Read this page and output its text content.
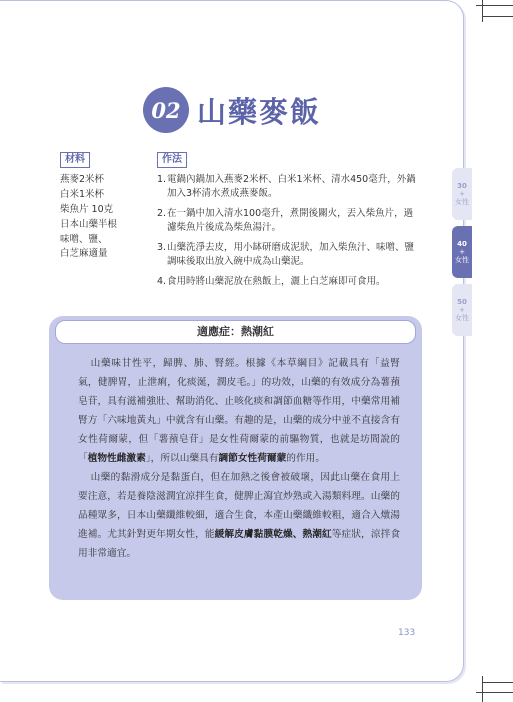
02 山藥麥飯
材料	作法
燕麥2米杯
白米1米杯
柴魚片 10克
日本山藥半根
味噌、鹽、
白芝麻適量
1. 電鍋內鍋加入燕麥2米杯、白米1米杯、清水450毫升，外鍋加入3杯清水煮成燕麥飯。
2. 在一鍋中加入清水100毫升，煮開後關火，丟入柴魚片，過濾柴魚片後成為柴魚湯汁。
3. 山藥洗淨去皮，用小缽研磨成泥狀，加入柴魚汁、味噌、鹽調味後取出放入碗中成為山藥泥。
4. 食用時將山藥泥放在熱飯上，灑上白芝麻即可食用。
30
+
女性
40
+
女性
50
+
女性
適應症：熱潮紅

山藥味甘性平，歸脾、肺、腎經。根據《本草綱目》記載具有「益腎氣，健脾胃，止泄痢，化痰涎，潤皮毛。」的功效，山藥的有效成分為薯蕷皂苷，具有滋補強壯、幫助消化、止咳化痰和調節血糖等作用，中藥常用補腎方「六味地黃丸」中就含有山藥。有趣的是，山藥的成分中並不直接含有女性荷爾蒙，但「薯蕷皂苷」是女性荷爾蒙的前驅物質，也就是坊間說的「植物性雌激素」，所以山藥具有調節女性荷爾蒙的作用。

山藥的黏滑成分是黏蛋白，但在加熱之後會被破壞，因此山藥在食用上要注意，若是養陰滋潤宜涼拌生食，健脾止瀉宜炒熟或入湯類料理。山藥的品種眾多，日本山藥纖維較細，適合生食，本產山藥纖維較粗，適合入燉湯進補。尤其針對更年期女性，能緩解皮膚黏膜乾燥、熱潮紅等症狀，涼拌食用非常適宜。

133
